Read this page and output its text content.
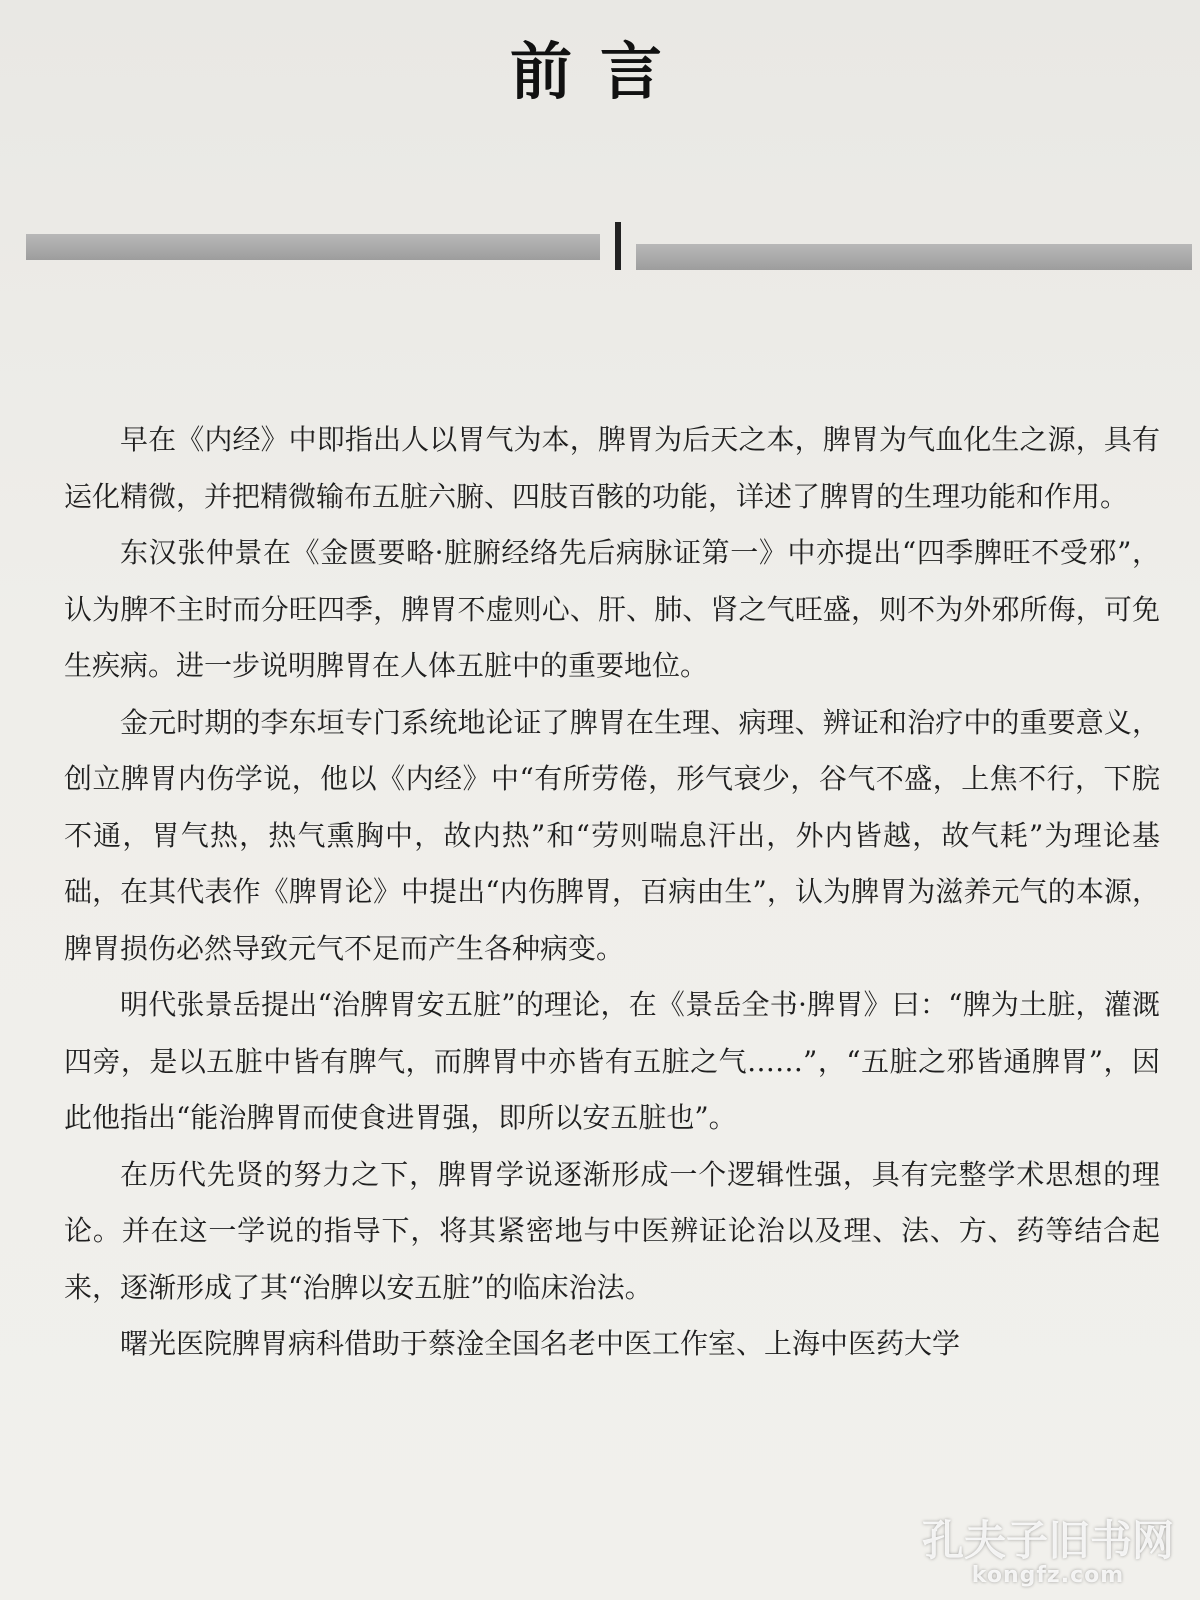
前言

早在《内经》中即指出人以胃气为本，脾胃为后天之本，脾胃为气血化生之源，具有运化精微，并把精微输布五脏六腑、四肢百骸的功能，详述了脾胃的生理功能和作用。

东汉张仲景在《金匮要略·脏腑经络先后病脉证第一》中亦提出“四季脾旺不受邪”，认为脾不主时而分旺四季，脾胃不虚则心、肝、肺、肾之气旺盛，则不为外邪所侮，可免生疾病。进一步说明脾胃在人体五脏中的重要地位。

金元时期的李东垣专门系统地论证了脾胃在生理、病理、辨证和治疗中的重要意义，创立脾胃内伤学说，他以《内经》中“有所劳倦，形气衰少，谷气不盛，上焦不行，下脘不通，胃气热，热气熏胸中，故内热”和“劳则喘息汗出，外内皆越，故气耗”为理论基础，在其代表作《脾胃论》中提出“内伤脾胃，百病由生”，认为脾胃为滋养元气的本源，脾胃损伤必然导致元气不足而产生各种病变。

明代张景岳提出“治脾胃安五脏”的理论，在《景岳全书·脾胃》曰：“脾为土脏，灌溉四旁，是以五脏中皆有脾气，而脾胃中亦皆有五脏之气……”，“五脏之邪皆通脾胃”，因此他指出“能治脾胃而使食进胃强，即所以安五脏也”。

在历代先贤的努力之下，脾胃学说逐渐形成一个逻辑性强，具有完整学术思想的理论。并在这一学说的指导下，将其紧密地与中医辨证论治以及理、法、方、药等结合起来，逐渐形成了其“治脾以安五脏”的临床治法。

曙光医院脾胃病科借助于蔡淦全国名老中医工作室、上海中医药大学

孔夫子旧书网
kongfz.com
